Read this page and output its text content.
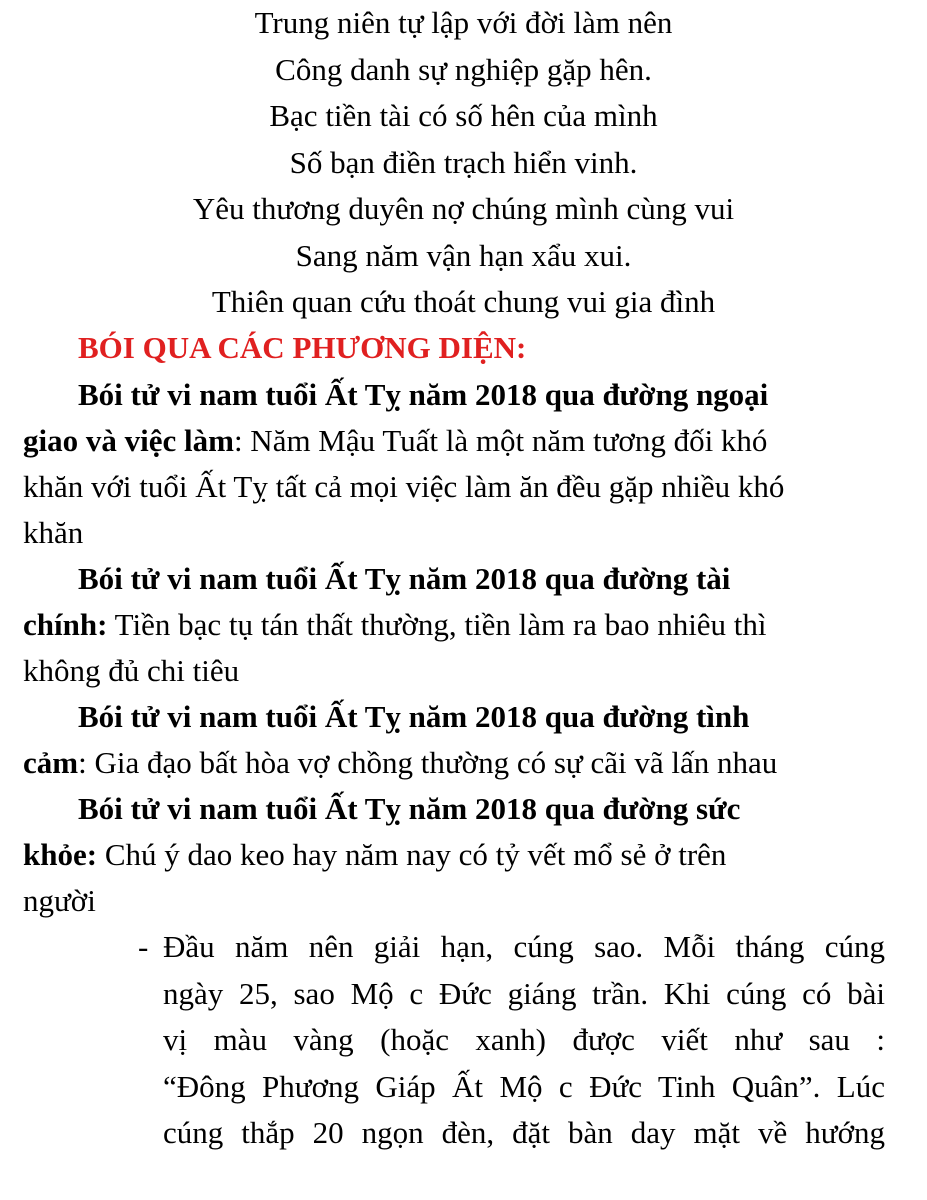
Trung niên tự lập với đời làm nên
Công danh sự nghiệp gặp hên.
Bạc tiền tài có số hên của mình
Số bạn điền trạch hiển vinh.
Yêu thương duyên nợ chúng mình cùng vui
Sang năm vận hạn xẩu xui.
Thiên quan cứu thoát chung vui gia đình
BÓI QUA CÁC PHƯƠNG DIỆN:
Bói tử vi nam tuổi Ất Tỵ năm 2018 qua đường ngoại
giao và việc làm: Năm Mậu Tuất là một năm tương đối khó
khăn với tuổi Ất Tỵ tất cả mọi việc làm ăn đều gặp nhiều khó
khăn
Bói tử vi nam tuổi Ất Tỵ năm 2018 qua đường tài
chính: Tiền bạc tụ tán thất thường, tiền làm ra bao nhiêu thì
không đủ chi tiêu
Bói tử vi nam tuổi Ất Tỵ năm 2018 qua đường tình
cảm: Gia đạo bất hòa vợ chồng thường có sự cãi vã lấn nhau
Bói tử vi nam tuổi Ất Tỵ năm 2018 qua đường sức
khỏe: Chú ý dao keo hay năm nay có tỷ vết mổ sẻ ở trên
người
- Đầu năm nên giải hạn, cúng sao. Mỗi tháng cúng
ngày 25, sao Mộ c Đức giáng trần. Khi cúng có bài
vị màu vàng (hoặc xanh) được viết như sau :
“Đông Phương Giáp Ất Mộ c Đức Tinh Quân”. Lúc
cúng thắp 20 ngọn đèn, đặt bàn day mặt về hướng
